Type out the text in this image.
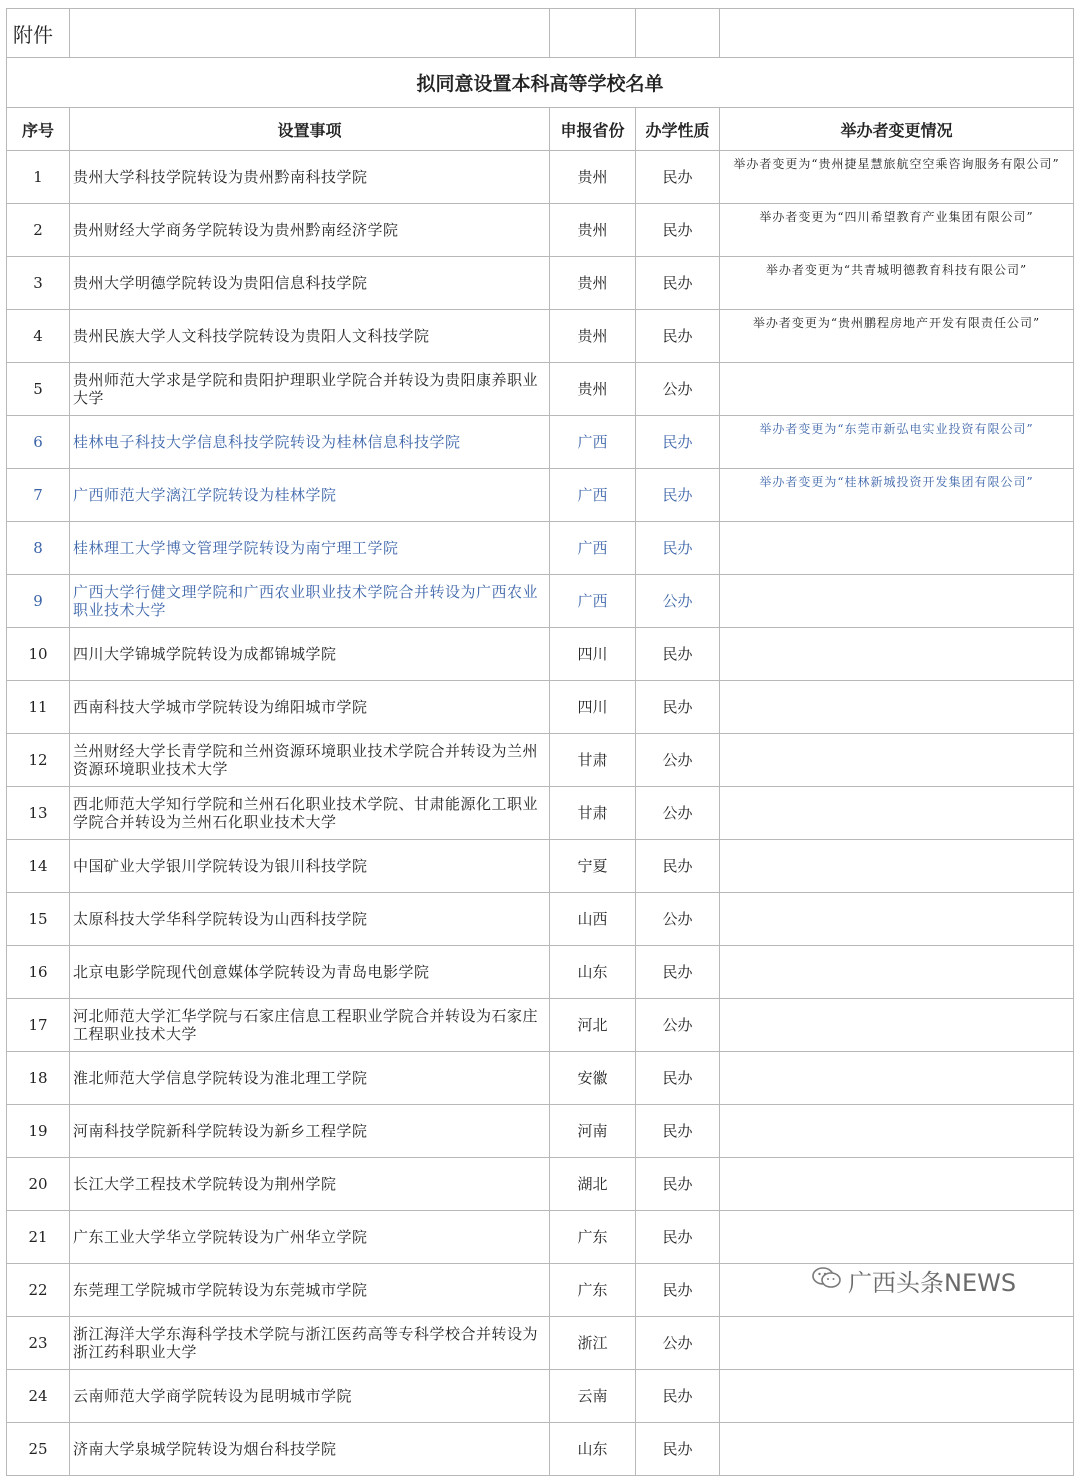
附件				
拟同意设置本科高等学校名单				
序号	设置事项	申报省份	办学性质	举办者变更情况
1	贵州大学科技学院转设为贵州黔南科技学院	贵州	民办	举办者变更为“贵州捷星慧旅航空空乘咨询服务有限公司”
2	贵州财经大学商务学院转设为贵州黔南经济学院	贵州	民办	举办者变更为“四川希望教育产业集团有限公司”
3	贵州大学明德学院转设为贵阳信息科技学院	贵州	民办	举办者变更为“共青城明德教育科技有限公司”
4	贵州民族大学人文科技学院转设为贵阳人文科技学院	贵州	民办	举办者变更为“贵州鹏程房地产开发有限责任公司”
5	贵州师范大学求是学院和贵阳护理职业学院合并转设为贵阳康养职业大学	贵州	公办	
6	桂林电子科技大学信息科技学院转设为桂林信息科技学院	广西	民办	举办者变更为“东莞市新弘电实业投资有限公司”
7	广西师范大学漓江学院转设为桂林学院	广西	民办	举办者变更为“桂林新城投资开发集团有限公司”
8	桂林理工大学博文管理学院转设为南宁理工学院	广西	民办	
9	广西大学行健文理学院和广西农业职业技术学院合并转设为广西农业职业技术大学	广西	公办	
10	四川大学锦城学院转设为成都锦城学院	四川	民办	
11	西南科技大学城市学院转设为绵阳城市学院	四川	民办	
12	兰州财经大学长青学院和兰州资源环境职业技术学院合并转设为兰州资源环境职业技术大学	甘肃	公办	
13	西北师范大学知行学院和兰州石化职业技术学院、甘肃能源化工职业学院合并转设为兰州石化职业技术大学	甘肃	公办	
14	中国矿业大学银川学院转设为银川科技学院	宁夏	民办	
15	太原科技大学华科学院转设为山西科技学院	山西	公办	
16	北京电影学院现代创意媒体学院转设为青岛电影学院	山东	民办	
17	河北师范大学汇华学院与石家庄信息工程职业学院合并转设为石家庄工程职业技术大学	河北	公办	
18	淮北师范大学信息学院转设为淮北理工学院	安徽	民办	
19	河南科技学院新科学院转设为新乡工程学院	河南	民办	
20	长江大学工程技术学院转设为荆州学院	湖北	民办	
21	广东工业大学华立学院转设为广州华立学院	广东	民办	
22	东莞理工学院城市学院转设为东莞城市学院	广东	民办	
23	浙江海洋大学东海科学技术学院与浙江医药高等专科学校合并转设为浙江药科职业大学	浙江	公办	
24	云南师范大学商学院转设为昆明城市学院	云南	民办	
25	济南大学泉城学院转设为烟台科技学院	山东	民办	
广西头条NEWS
